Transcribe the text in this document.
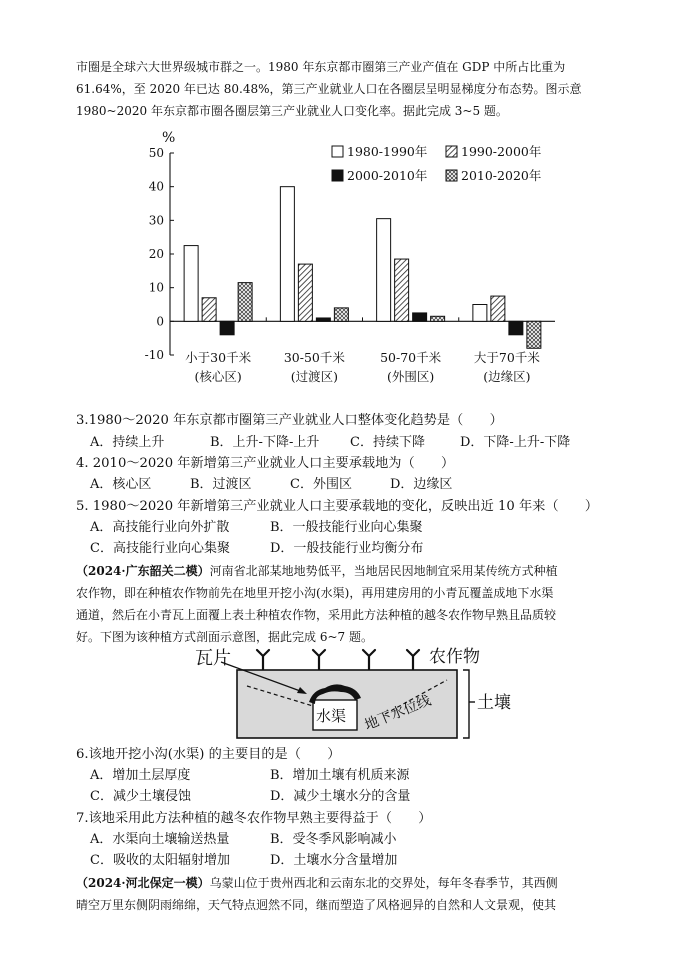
市圈是全球六大世界级城市群之一。1980 年东京都市圈第三产业产值在 GDP 中所占比重为
61.64%，至 2020 年已达 80.48%，第三产业就业人口在各圈层呈明显梯度分布态势。图示意
1980~2020 年东京都市圈各圈层第三产业就业人口变化率。据此完成 3~5 题。
%
50
40
30
20
10
0
-10
1980-1990年	1990-2000年
2000-2010年	2010-2020年
小于30千米
(核心区)
30-50千米
(过渡区)
50-70千米
(外围区)
大于70千米
(边缘区)
3.1980～2020 年东京都市圈第三产业就业人口整体变化趋势是（　　）
A．持续上升	B．上升-下降-上升 C．持续下降	D．下降-上升-下降
4. 2010～2020 年新增第三产业就业人口主要承载地为（　　）
A．核心区	B．过渡区	C．外围区	D．边缘区
5. 1980～2020 年新增第三产业就业人口主要承载地的变化，反映出近 10 年来（　　）
A．高技能行业向外扩散	B．一般技能行业向心集聚
C．高技能行业向心集聚	D．一般技能行业均衡分布
（2024·广东韶关二模）河南省北部某地地势低平，当地居民因地制宜采用某传统方式种植
农作物，即在种植农作物前先在地里开挖小沟(水渠)，再用建房用的小青瓦覆盖成地下水渠
通道，然后在小青瓦上面覆上表土种植农作物，采用此方法种植的越冬农作物早熟且品质较
好。下图为该种植方式剖面示意图，据此完成 6~7 题。
瓦片	农作物
土壤
水渠 地下水位线
6.该地开挖小沟(水渠) 的主要目的是（　　）
A．增加土层厚度	B．增加土壤有机质来源
C．减少土壤侵蚀	D．减少土壤水分的含量
7.该地采用此方法种植的越冬农作物早熟主要得益于（　　）
A．水渠向土壤输送热量	B．受冬季风影响减小
C．吸收的太阳辐射增加	D．土壤水分含量增加
（2024·河北保定一模）乌蒙山位于贵州西北和云南东北的交界处，每年冬春季节，其西侧
晴空万里东侧阴雨绵绵，天气特点迥然不同，继而塑造了风格迥异的自然和人文景观，使其
